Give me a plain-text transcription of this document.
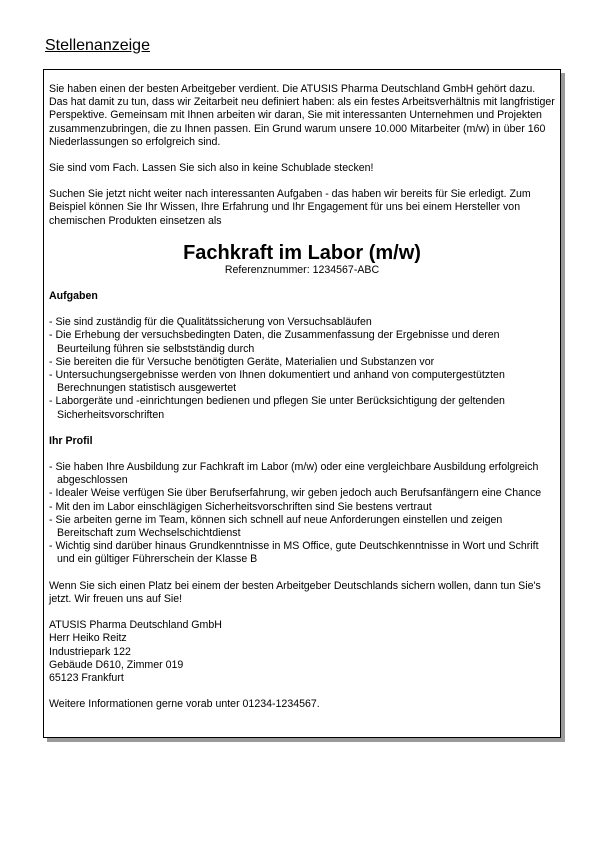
Stellenanzeige

Sie haben einen der besten Arbeitgeber verdient. Die ATUSIS Pharma Deutschland GmbH gehört dazu. Das hat damit zu tun, dass wir Zeitarbeit neu definiert haben: als ein festes Arbeitsverhältnis mit langfristiger Perspektive. Gemeinsam mit Ihnen arbeiten wir daran, Sie mit interessanten Unternehmen und Projekten zusammenzubringen, die zu Ihnen passen. Ein Grund warum unsere 10.000 Mitarbeiter (m/w) in über 160 Niederlassungen so erfolgreich sind.

Sie sind vom Fach. Lassen Sie sich also in keine Schublade stecken!

Suchen Sie jetzt nicht weiter nach interessanten Aufgaben - das haben wir bereits für Sie erledigt. Zum Beispiel können Sie Ihr Wissen, Ihre Erfahrung und Ihr Engagement für uns bei einem Hersteller von chemischen Produkten einsetzen als

Fachkraft im Labor (m/w)
Referenznummer: 1234567-ABC
Aufgaben
- Sie sind zuständig für die Qualitätssicherung von Versuchsabläufen
- Die Erhebung der versuchsbedingten Daten, die Zusammenfassung der Ergebnisse und deren Beurteilung führen sie selbstständig durch
- Sie bereiten die für Versuche benötigten Geräte, Materialien und Substanzen vor
- Untersuchungsergebnisse werden von Ihnen dokumentiert und anhand von computergestützten Berechnungen statistisch ausgewertet
- Laborgeräte und -einrichtungen bedienen und pflegen Sie unter Berücksichtigung der geltenden Sicherheitsvorschriften
Ihr Profil
- Sie haben Ihre Ausbildung zur Fachkraft im Labor (m/w) oder eine vergleichbare Ausbildung erfolgreich abgeschlossen
- Idealer Weise verfügen Sie über Berufserfahrung, wir geben jedoch auch Berufsanfängern eine Chance
- Mit den im Labor einschlägigen Sicherheitsvorschriften sind Sie bestens vertraut
- Sie arbeiten gerne im Team, können sich schnell auf neue Anforderungen einstellen und zeigen Bereitschaft zum Wechselschichtdienst
- Wichtig sind darüber hinaus Grundkenntnisse in MS Office, gute Deutschkenntnisse in Wort und Schrift und ein gültiger Führerschein der Klasse B

Wenn Sie sich einen Platz bei einem der besten Arbeitgeber Deutschlands sichern wollen, dann tun Sie's jetzt. Wir freuen uns auf Sie!

ATUSIS Pharma Deutschland GmbH
Herr Heiko Reitz
Industriepark 122
Gebäude D610, Zimmer 019
65123 Frankfurt

Weitere Informationen gerne vorab unter 01234-1234567.
